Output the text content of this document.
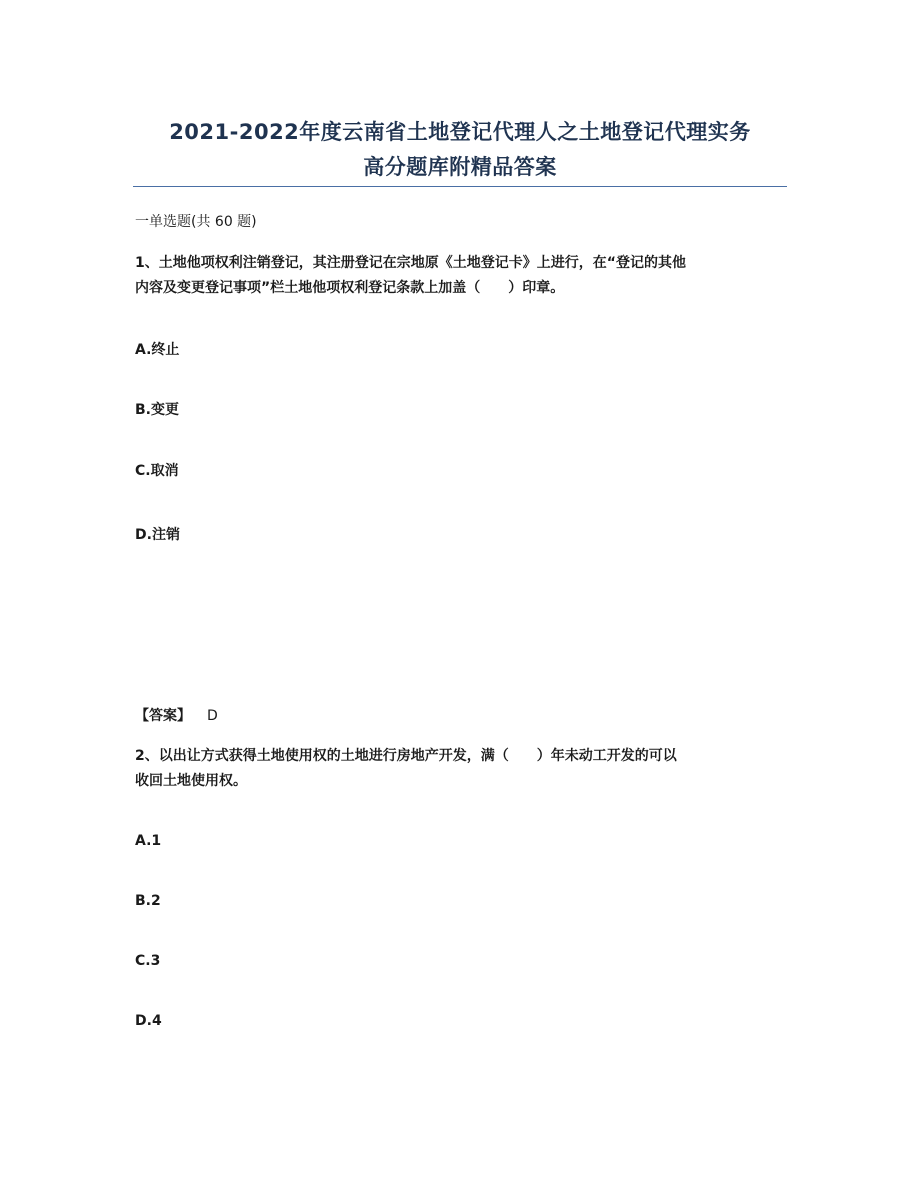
2021-2022年度云南省土地登记代理人之土地登记代理实务
高分题库附精品答案
一单选题(共 60 题)
1、土地他项权利注销登记，其注册登记在宗地原《土地登记卡》上进行，在“登记的其他
内容及变更登记事项”栏土地他项权利登记条款上加盖（　　）印章。
A.终止
B.变更
C.取消
D.注销
【答案】 D
2、以出让方式获得土地使用权的土地进行房地产开发，满（　　）年未动工开发的可以
收回土地使用权。
A.1
B.2
C.3
D.4
